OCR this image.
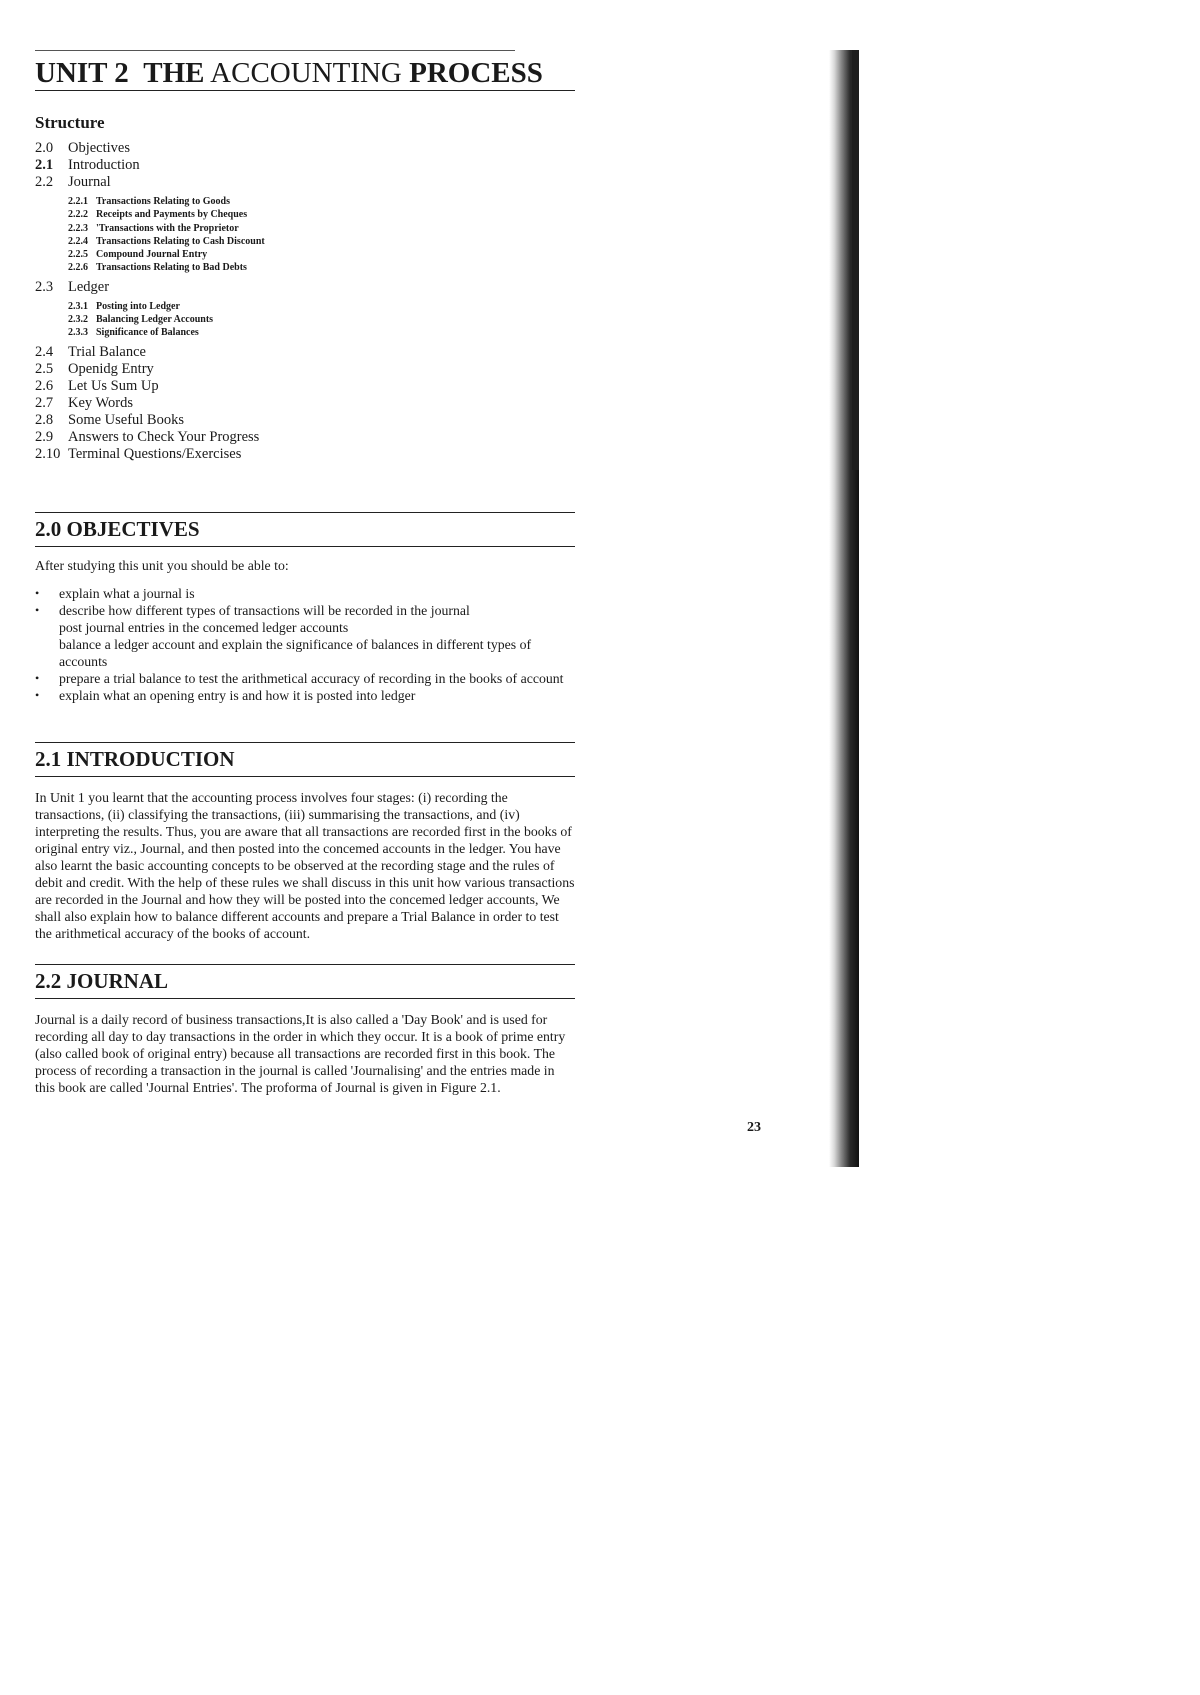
UNIT 2 THE ACCOUNTING PROCESS
Structure
2.0	Objectives
2.1	Introduction
2.2	Journal
2.2.1 Transactions Relating to Goods
2.2.2 Receipts and Payments by Cheques
2.2.3 'Transactions with the Proprietor
2.2.4 Transactions Relating to Cash Discount
2.2.5 Compound Journal Entry
2.2.6 Transactions Relating to Bad Debts
2.3	Ledger
2.3.1 Posting into Ledger
2.3.2 Balancing Ledger Accounts
2.3.3 Significance of Balances
2.4	Trial Balance
2.5	Openidg Entry
2.6	Let Us Sum Up
2.7	Key Words
2.8	Some Useful Books
2.9	Answers to Check Your Progress
2.10 Terminal Questions/Exercises
2.0 OBJECTIVES
After studying this unit you should be able to:
• explain what a journal is
• describe how different types of transactions will be recorded in the journal
post journal entries in the concemed ledger accounts
balance a ledger account and explain the significance of balances in different types of accounts
• prepare a trial balance to test the arithmetical accuracy of recording in the books of account
• explain what an opening entry is and how it is posted into ledger
2.1 INTRODUCTION
In Unit 1 you learnt that the accounting process involves four stages: (i) recording the transactions, (ii) classifying the transactions, (iii) summarising the transactions, and (iv) interpreting the results. Thus, you are aware that all transactions are recorded first in the books of original entry viz., Journal, and then posted into the concemed accounts in the ledger. You have also learnt the basic accounting concepts to be observed at the recording stage and the rules of debit and credit. With the help of these rules we shall discuss in this unit how various transactions are recorded in the Journal and how they will be posted into the concemed ledger accounts, We shall also explain how to balance different accounts and prepare a Trial Balance in order to test the arithmetical accuracy of the books of account.
2.2 JOURNAL
Journal is a daily record of business transactions,It is also called a 'Day Book' and is used for recording all day to day transactions in the order in which they occur. It is a book of prime entry (also called book of original entry) because all transactions are recorded first in this book. The process of recording a transaction in the journal is called 'Journalising' and the entries made in this book are called 'Journal Entries'. The proforma of Journal is given in Figure 2.1.
23
